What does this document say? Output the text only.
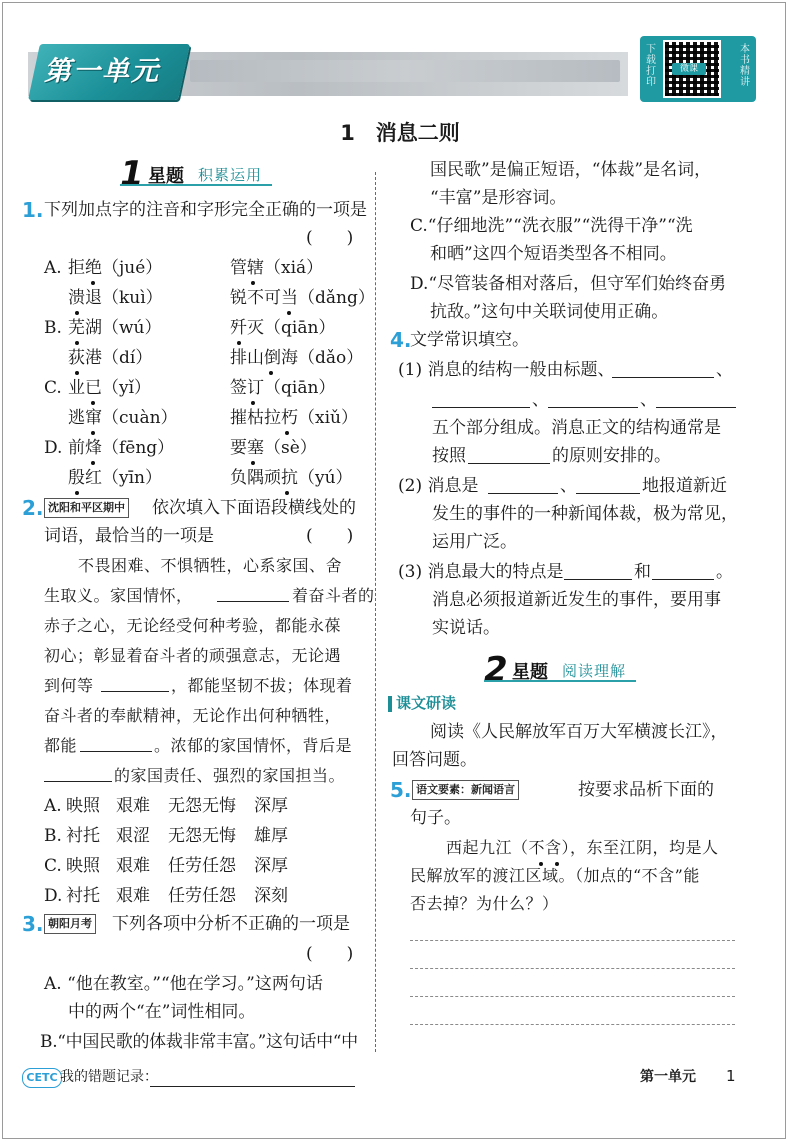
第一单元
下载打印
本书精讲
微课
1　消息二则
1 星题 积累运用
1. 下列加点字的注音和字形完全正确的一项是
(　　)
A. 拒绝（jué）	管辖（xiá）
溃退（kuì）	锐不可当（dǎng）
B. 芜湖（wú）	歼灭（qiān）
荻港（dí）	排山倒海（dǎo）
C. 业已（yǐ）	签订（qiān）
逃窜（cuàn）	摧枯拉朽（xiǔ）
D. 前烽（fēng）	要塞（sè）
殷红（yīn）	负隅顽抗（yú）
2. 沈阳和平区期中 依次填入下面语段横线处的
词语，最恰当的一项是	(　　)
不畏困难、不惧牺牲，心系家国、舍
生取义。家国情怀，	着奋斗者的
赤子之心，无论经受何种考验，都能永葆
初心；彰显着奋斗者的顽强意志，无论遇
到何等	，都能坚韧不拔；体现着
奋斗者的奉献精神，无论作出何种牺牲，
都能	。浓郁的家国情怀，背后是
的家国责任、强烈的家国担当。
A. 映照 艰难 无怨无悔 深厚
B. 衬托 艰涩 无怨无悔 雄厚
C. 映照 艰难 任劳任怨 深厚
D. 衬托 艰难 任劳任怨 深刻
3. 朝阳月考 下列各项中分析不正确的一项是
(　　)
A. “他在教室。”“他在学习。”这两句话
中的两个“在”词性相同。
B.“中国民歌的体裁非常丰富。”这句话中“中
国民歌”是偏正短语，“体裁”是名词，
“丰富”是形容词。
C.“仔细地洗”“洗衣服”“洗得干净”“洗
和晒”这四个短语类型各不相同。
D.“尽管装备相对落后，但守军们始终奋勇
抗敌。”这句中关联词使用正确。
4.
文学常识填空。
(1) 消息的结构一般由标题、	、
、	、
五个部分组成。消息正文的结构通常是
按照	的原则安排的。
(2) 消息是	、	地报道新近
发生的事件的一种新闻体裁，极为常见，
运用广泛。
(3) 消息最大的特点是	和	。
消息必须报道新近发生的事件，要用事
实说话。
2 星题 阅读理解
课文研读
阅读《人民解放军百万大军横渡长江》，
回答问题。
5. 语文要素：新闻语言	按要求品析下面的
句子。
西起九江（不含），东至江阴，均是人
民解放军的渡江区域。（加点的“不含”能
否去掉？为什么？）
CETC 我的错题记录：	第一单元 1
